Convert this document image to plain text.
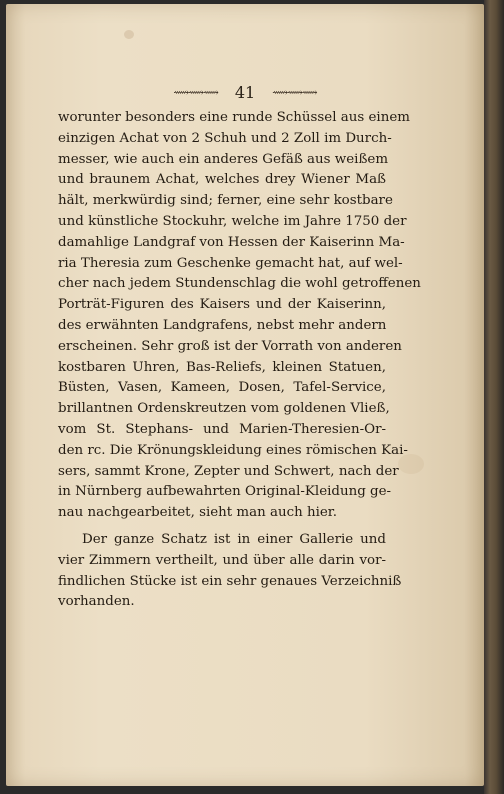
⟿⟿⟿ 41 ⟿⟿⟿
worunter besonders eine runde Schüssel aus einem
einzigen Achat von 2 Schuh und 2 Zoll im Durch-
messer, wie auch ein anderes Gefäß aus weißem
und braunem Achat, welches drey Wiener Maß
hält, merkwürdig sind; ferner, eine sehr kostbare
und künstliche Stockuhr, welche im Jahre 1750 der
damahlige Landgraf von Hessen der Kaiserinn Ma-
ria Theresia zum Geschenke gemacht hat, auf wel-
cher nach jedem Stundenschlag die wohl getroffenen
Porträt-Figuren des Kaisers und der Kaiserinn,
des erwähnten Landgrafens, nebst mehr andern
erscheinen. Sehr groß ist der Vorrath von anderen
kostbaren Uhren, Bas-Reliefs, kleinen Statuen,
Büsten, Vasen, Kameen, Dosen, Tafel-Service,
brillantnen Ordenskreutzen vom goldenen Vließ,
vom St. Stephans- und Marien-Theresien-Or-
den rc. Die Krönungskleidung eines römischen Kai-
sers, sammt Krone, Zepter und Schwert, nach der
in Nürnberg aufbewahrten Original-Kleidung ge-
nau nachgearbeitet, sieht man auch hier.
Der ganze Schatz ist in einer Gallerie und
vier Zimmern vertheilt, und über alle darin vor-
findlichen Stücke ist ein sehr genaues Verzeichniß
vorhanden.
